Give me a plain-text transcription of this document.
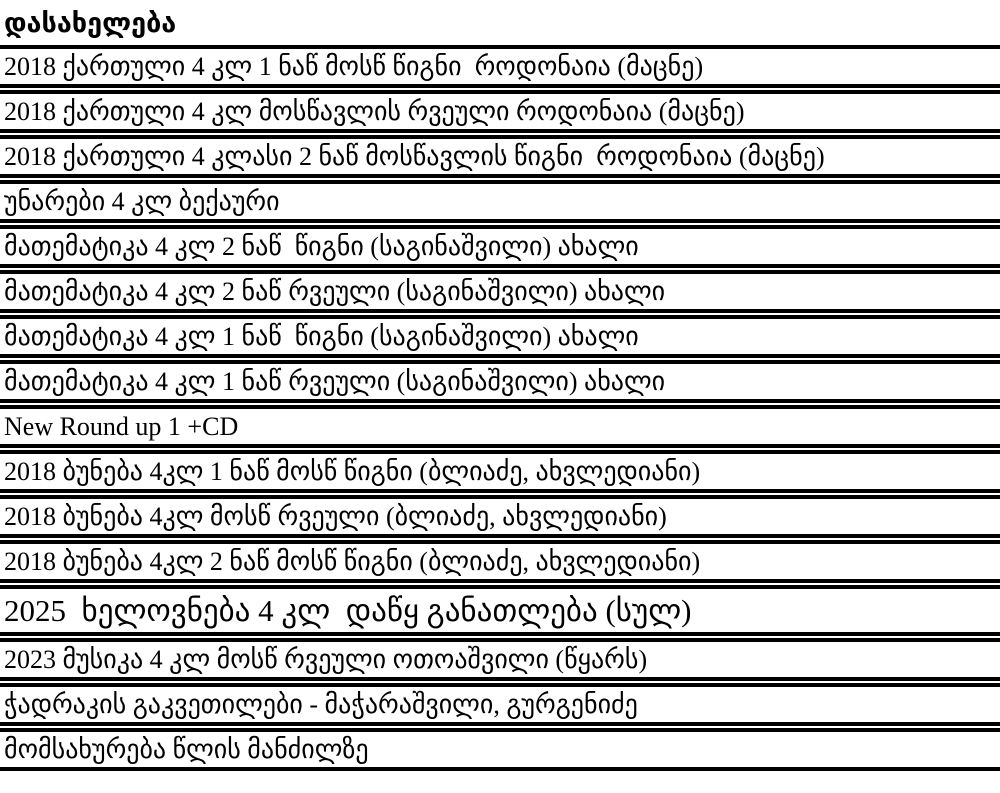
დასახელება
2018 ქართული 4 კლ 1 ნაწ მოსწ წიგნი  როდონაია (მაცნე)
2018 ქართული 4 კლ მოსწავლის რვეული როდონაია (მაცნე)
2018 ქართული 4 კლასი 2 ნაწ მოსწავლის წიგნი  როდონაია (მაცნე)
უნარები 4 კლ ბექაური
მათემატიკა 4 კლ 2 ნაწ  წიგნი (საგინაშვილი) ახალი
მათემატიკა 4 კლ 2 ნაწ რვეული (საგინაშვილი) ახალი
მათემატიკა 4 კლ 1 ნაწ  წიგნი (საგინაშვილი) ახალი
მათემატიკა 4 კლ 1 ნაწ რვეული (საგინაშვილი) ახალი
New Round up 1 +CD
2018 ბუნება 4კლ 1 ნაწ მოსწ წიგნი (ბლიაძე, ახვლედიანი)
2018 ბუნება 4კლ მოსწ რვეული (ბლიაძე, ახვლედიანი)
2018 ბუნება 4კლ 2 ნაწ მოსწ წიგნი (ბლიაძე, ახვლედიანი)
2025  ხელოვნება 4 კლ  დაწყ განათლება (სულ)
2023 მუსიკა 4 კლ მოსწ რვეული ოთოაშვილი (წყარს)
ჭადრაკის გაკვეთილები - მაჭარაშვილი, გურგენიძე
მომსახურება წლის მანძილზე
